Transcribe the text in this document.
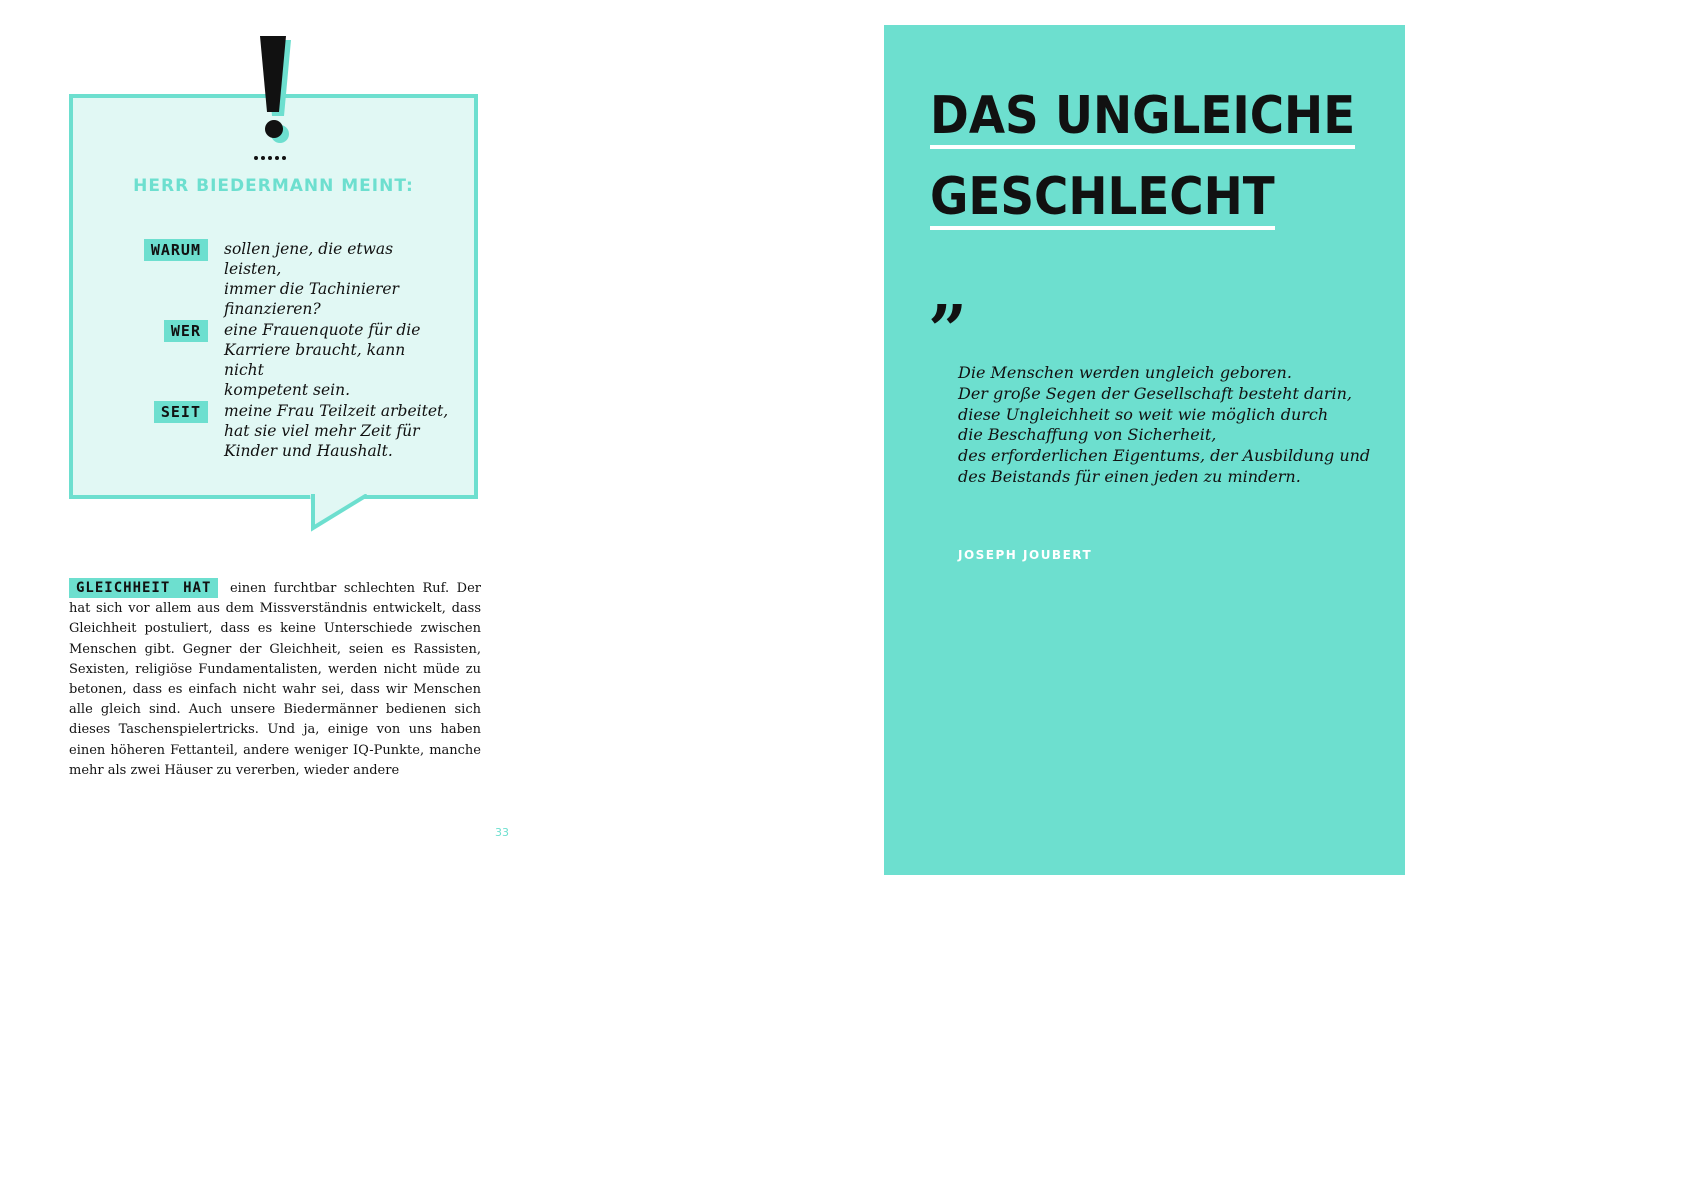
HERR BIEDERMANN MEINT:
WARUM	sollen jene, die etwas leisten,
immer die Tachinierer
finanzieren?
WER	eine Frauenquote für die
Karriere braucht, kann nicht
kompetent sein.
SEIT	meine Frau Teilzeit arbeitet,
hat sie viel mehr Zeit für
Kinder und Haushalt.
GLEICHHEIT HAT einen furchtbar schlechten Ruf. Der hat sich vor allem aus dem Missverständnis entwickelt, dass Gleichheit postuliert, dass es keine Unterschiede zwischen Menschen gibt. Gegner der Gleichheit, seien es Rassisten, Sexisten, religiöse Fundamentalisten, werden nicht müde zu betonen, dass es einfach nicht wahr sei, dass wir Menschen alle gleich sind. Auch unsere Biedermänner bedienen sich dieses Taschenspielertricks. Und ja, einige von uns haben einen höheren Fettanteil, andere weniger IQ-Punkte, manche mehr als zwei Häuser zu vererben, wieder andere
33
DAS UNGLEICHE
GESCHLECHT
”
Die Menschen werden ungleich geboren.
Der große Segen der Gesellschaft besteht darin,
diese Ungleichheit so weit wie möglich durch
die Beschaffung von Sicherheit,
des erforderlichen Eigentums, der Ausbildung und
des Beistands für einen jeden zu mindern.
JOSEPH JOUBERT
